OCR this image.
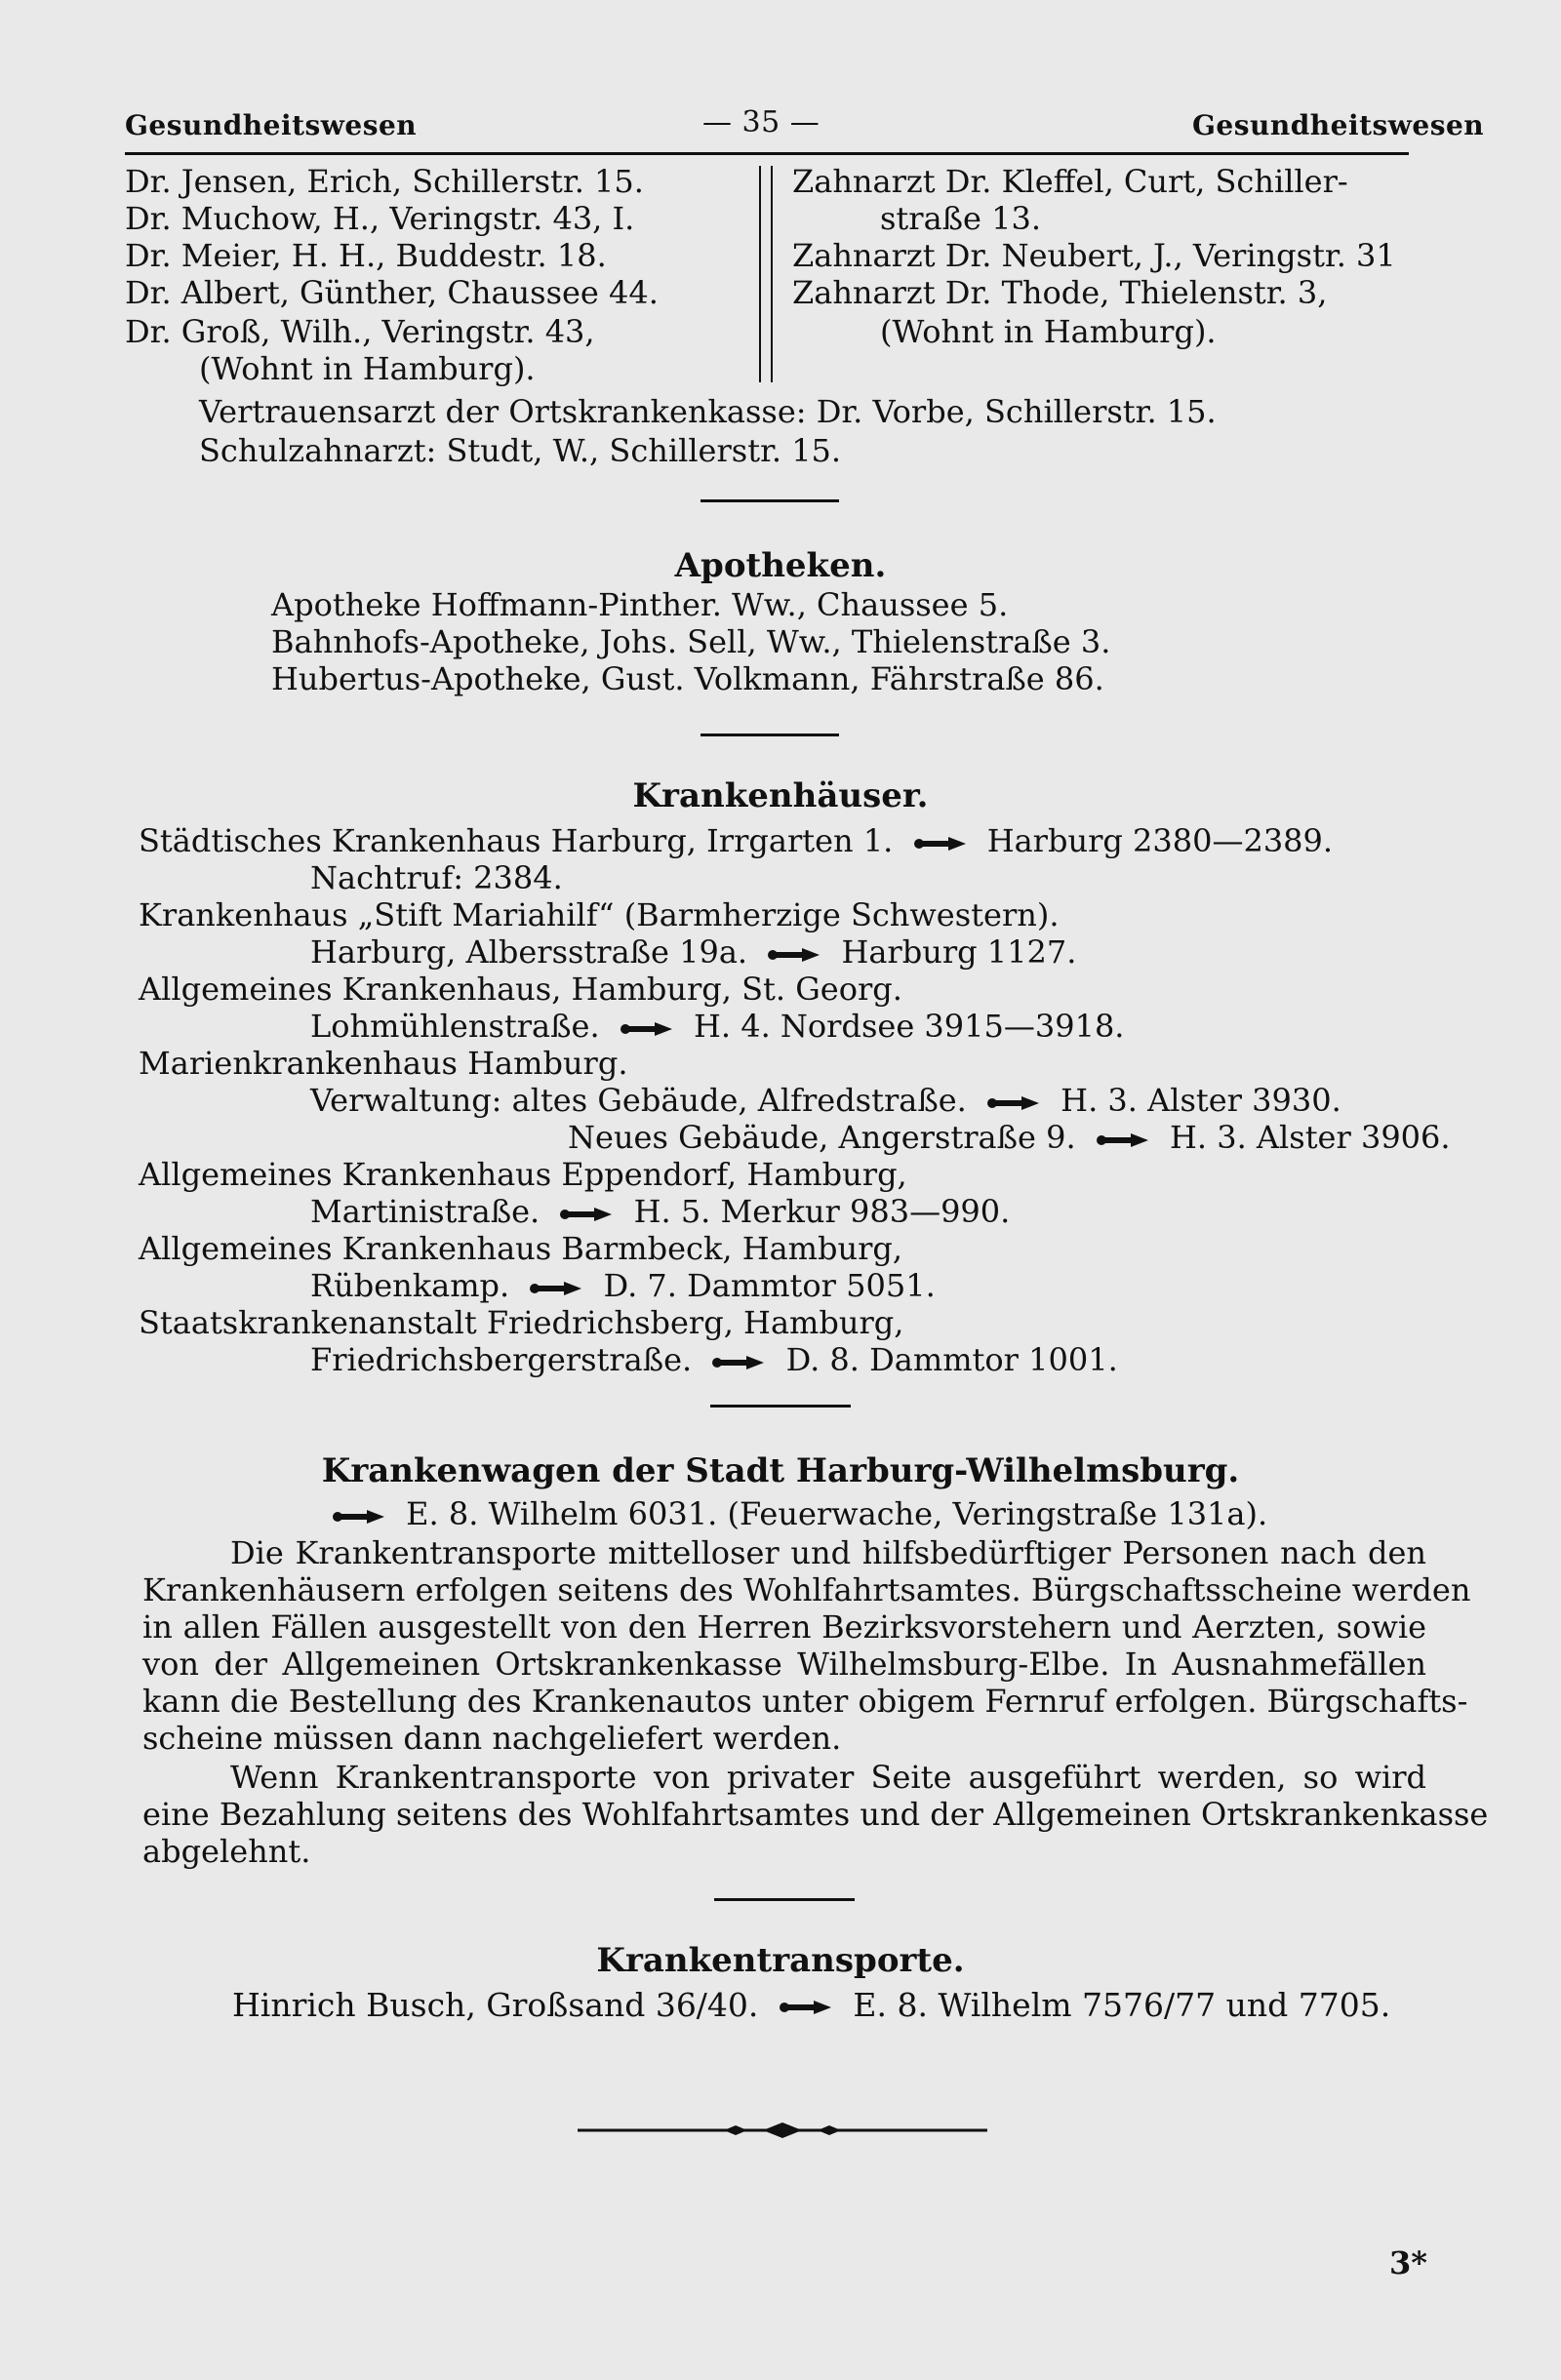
Gesundheitswesen	— 35 —	Gesundheitswesen
Dr. Jensen, Erich, Schillerstr. 15.
Dr. Muchow, H., Veringstr. 43, I.
Dr. Meier, H. H., Buddestr. 18.
Dr. Albert, Günther, Chaussee 44.
Dr. Groß, Wilh., Veringstr. 43,
(Wohnt in Hamburg).
Zahnarzt Dr. Kleffel, Curt, Schiller-
straße 13.
Zahnarzt Dr. Neubert, J., Veringstr. 31
Zahnarzt Dr. Thode, Thielenstr. 3,
(Wohnt in Hamburg).
Vertrauensarzt der Ortskrankenkasse: Dr. Vorbe, Schillerstr. 15.
Schulzahnarzt: Studt, W., Schillerstr. 15.
Apotheken.
Apotheke Hoffmann-Pinther. Ww., Chaussee 5.
Bahnhofs-Apotheke, Johs. Sell, Ww., Thielenstraße 3.
Hubertus-Apotheke, Gust. Volkmann, Fährstraße 86.
Krankenhäuser.
Städtisches Krankenhaus Harburg, Irrgarten 1.	Harburg 2380—2389.
Nachtruf: 2384.
Krankenhaus „Stift Mariahilf“ (Barmherzige Schwestern).
Harburg, Albersstraße 19a.	Harburg 1127.
Allgemeines Krankenhaus, Hamburg, St. Georg.
Lohmühlenstraße.	H. 4. Nordsee 3915—3918.
Marienkrankenhaus Hamburg.
Verwaltung: altes Gebäude, Alfredstraße.	H. 3. Alster 3930.
Neues Gebäude, Angerstraße 9.	H. 3. Alster 3906.
Allgemeines Krankenhaus Eppendorf, Hamburg,
Martinistraße.	H. 5. Merkur 983—990.
Allgemeines Krankenhaus Barmbeck, Hamburg,
Rübenkamp.	D. 7. Dammtor 5051.
Staatskrankenanstalt Friedrichsberg, Hamburg,
Friedrichsbergerstraße.	D. 8. Dammtor 1001.
Krankenwagen der Stadt Harburg-Wilhelmsburg.
E. 8. Wilhelm 6031. (Feuerwache, Veringstraße 131a).
Die Krankentransporte mittelloser und hilfsbedürftiger Personen nach den
Krankenhäusern erfolgen seitens des Wohlfahrtsamtes. Bürgschaftsscheine werden
in allen Fällen ausgestellt von den Herren Bezirksvorstehern und Aerzten, sowie
von der Allgemeinen Ortskrankenkasse Wilhelmsburg-Elbe. In Ausnahmefällen
kann die Bestellung des Krankenautos unter obigem Fernruf erfolgen. Bürgschafts-
scheine müssen dann nachgeliefert werden.
Wenn Krankentransporte von privater Seite ausgeführt werden, so wird
eine Bezahlung seitens des Wohlfahrtsamtes und der Allgemeinen Ortskrankenkasse
abgelehnt.
Krankentransporte.
Hinrich Busch, Großsand 36/40.	E. 8. Wilhelm 7576/77 und 7705.
3*
